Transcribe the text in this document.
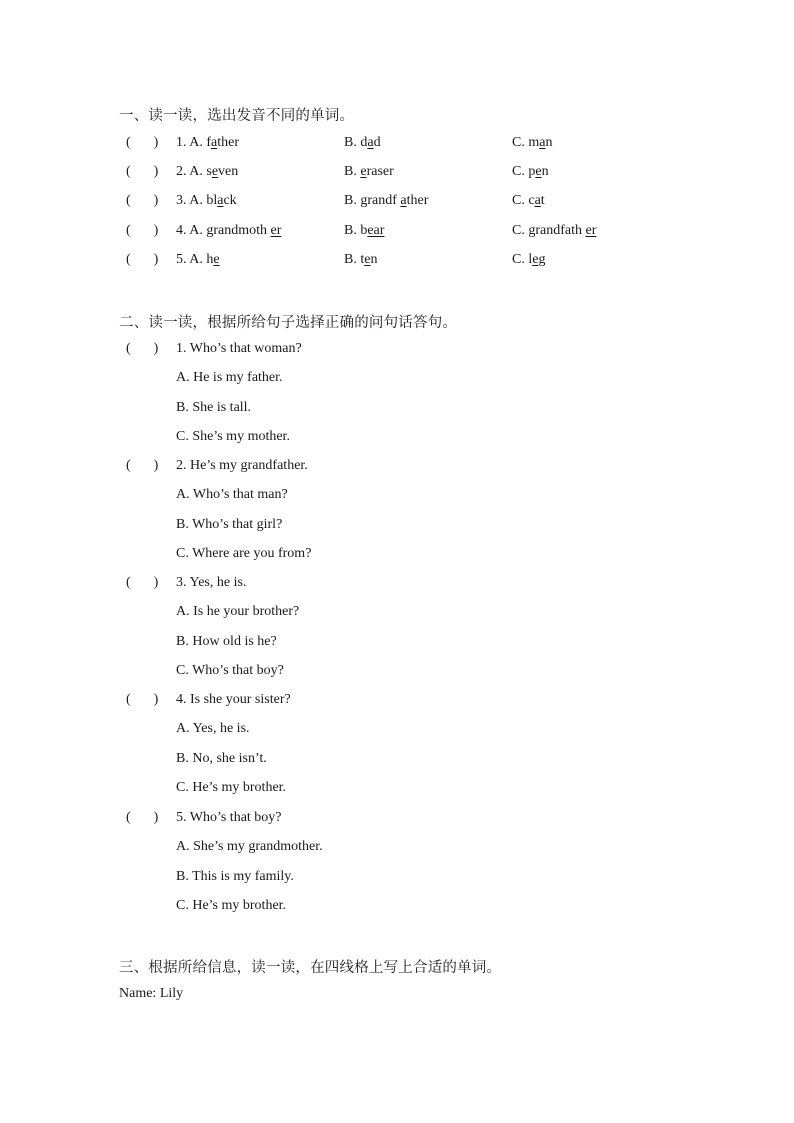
一、读一读，选出发音不同的单词。
( ) 1. A. father	B. dad	C. man
( ) 2. A. seven	B. eraser	C. pen
( ) 3. A. black	B. grandf ather	C. cat
( ) 4. A. grandmoth er	B. bear	C. grandfath er
( ) 5. A. he	B. ten	C. leg
二、读一读，根据所给句子选择正确的问句话答句。
( ) 1. Who’s that woman?
A. He is my father.
B. She is tall.
C. She’s my mother.
( ) 2. He’s my grandfather.
A. Who’s that man?
B. Who’s that girl?
C. Where are you from?
( ) 3. Yes, he is.
A. Is he your brother?
B. How old is he?
C. Who’s that boy?
( ) 4. Is she your sister?
A. Yes, he is.
B. No, she isn’t.
C. He’s my brother.
( ) 5. Who’s that boy?
A. She’s my grandmother.
B. This is my family.
C. He’s my brother.
三、根据所给信息，读一读，在四线格上写上合适的单词。
Name: Lily
